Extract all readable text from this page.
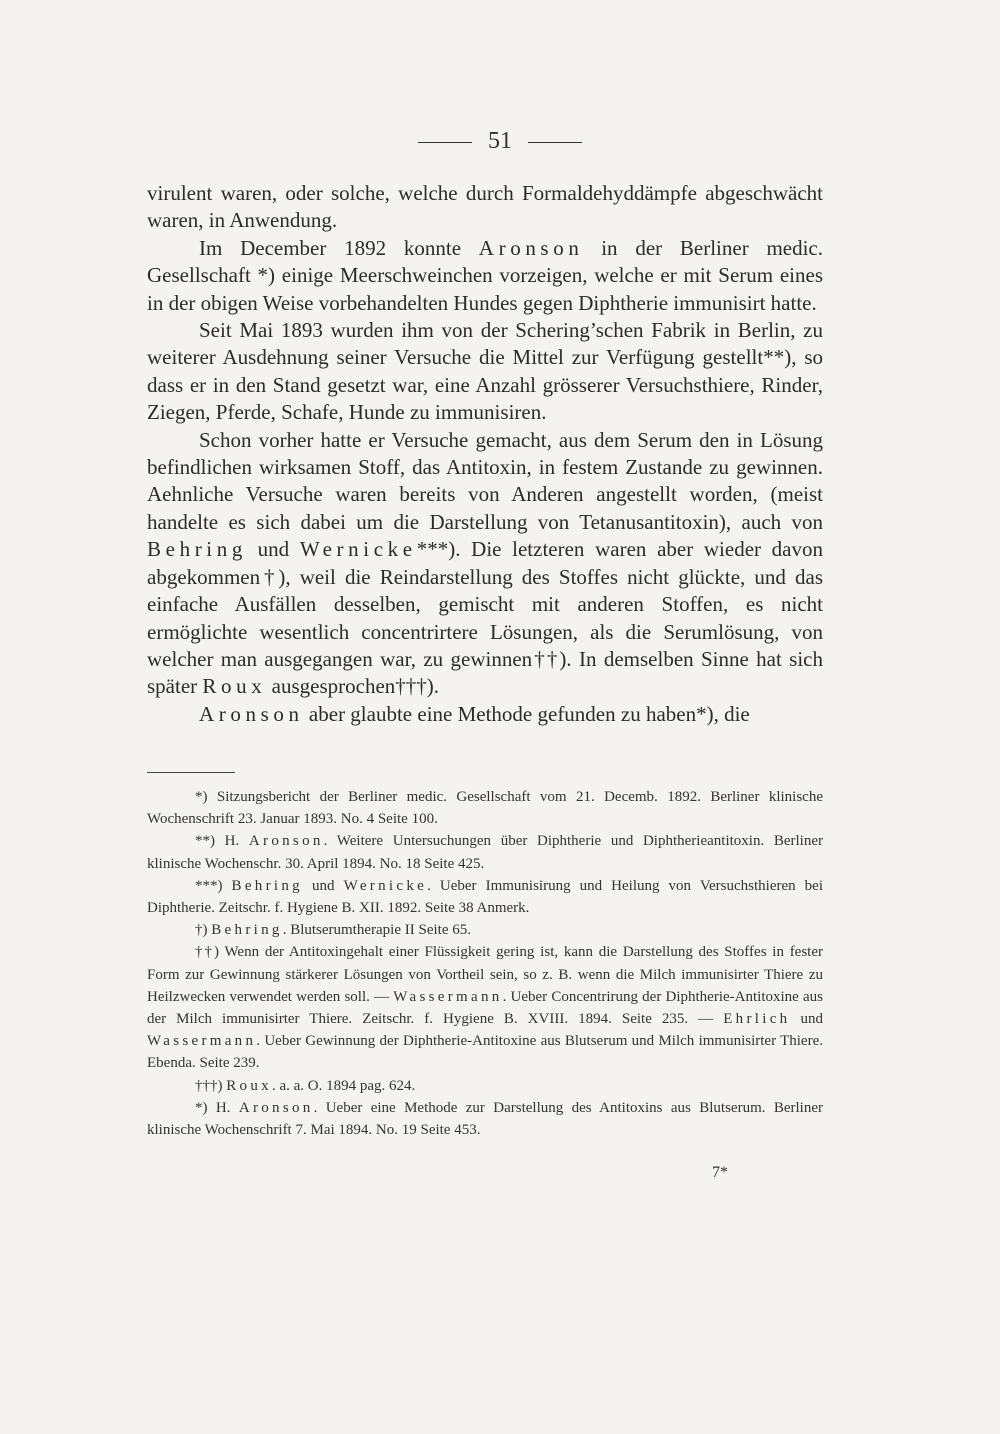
51

virulent waren, oder solche, welche durch Formaldehyddämpfe abgeschwächt waren, in Anwendung.

Im December 1892 konnte Aronson in der Berliner medic. Gesellschaft *) einige Meerschweinchen vorzeigen, welche er mit Serum eines in der obigen Weise vorbehandelten Hundes gegen Diphtherie immunisirt hatte.

Seit Mai 1893 wurden ihm von der Schering’schen Fabrik in Berlin, zu weiterer Ausdehnung seiner Versuche die Mittel zur Verfügung gestellt**), so dass er in den Stand gesetzt war, eine Anzahl grösserer Versuchsthiere, Rinder, Ziegen, Pferde, Schafe, Hunde zu immunisiren.

Schon vorher hatte er Versuche gemacht, aus dem Serum den in Lösung befindlichen wirksamen Stoff, das Antitoxin, in festem Zustande zu gewinnen. Aehnliche Versuche waren bereits von Anderen angestellt worden, (meist handelte es sich dabei um die Darstellung von Tetanusantitoxin), auch von Behring und Wernicke***). Die letzteren waren aber wieder davon abgekommen†), weil die Reindarstellung des Stoffes nicht glückte, und das einfache Ausfällen desselben, gemischt mit anderen Stoffen, es nicht ermöglichte wesentlich concentrirtere Lösungen, als die Serumlösung, von welcher man ausgegangen war, zu gewinnen††). In demselben Sinne hat sich später Roux ausgesprochen†††).

Aronson aber glaubte eine Methode gefunden zu haben*), die

*) Sitzungsbericht der Berliner medic. Gesellschaft vom 21. Decemb. 1892. Berliner klinische Wochenschrift 23. Januar 1893. No. 4 Seite 100.

**) H. Aronson. Weitere Untersuchungen über Diphtherie und Diphtherieantitoxin. Berliner klinische Wochenschr. 30. April 1894. No. 18 Seite 425.

***) Behring und Wernicke. Ueber Immunisirung und Heilung von Versuchsthieren bei Diphtherie. Zeitschr. f. Hygiene B. XII. 1892. Seite 38 Anmerk.

†) Behring. Blutserumtherapie II Seite 65.

††) Wenn der Antitoxingehalt einer Flüssigkeit gering ist, kann die Darstellung des Stoffes in fester Form zur Gewinnung stärkerer Lösungen von Vortheil sein, so z. B. wenn die Milch immunisirter Thiere zu Heilzwecken verwendet werden soll. — Wassermann. Ueber Concentrirung der Diphtherie-Antitoxine aus der Milch immunisirter Thiere. Zeitschr. f. Hygiene B. XVIII. 1894. Seite 235. — Ehrlich und Wassermann. Ueber Gewinnung der Diphtherie-Antitoxine aus Blutserum und Milch immunisirter Thiere. Ebenda. Seite 239.

†††) Roux. a. a. O. 1894 pag. 624.

*) H. Aronson. Ueber eine Methode zur Darstellung des Antitoxins aus Blutserum. Berliner klinische Wochenschrift 7. Mai 1894. No. 19 Seite 453.

7*
